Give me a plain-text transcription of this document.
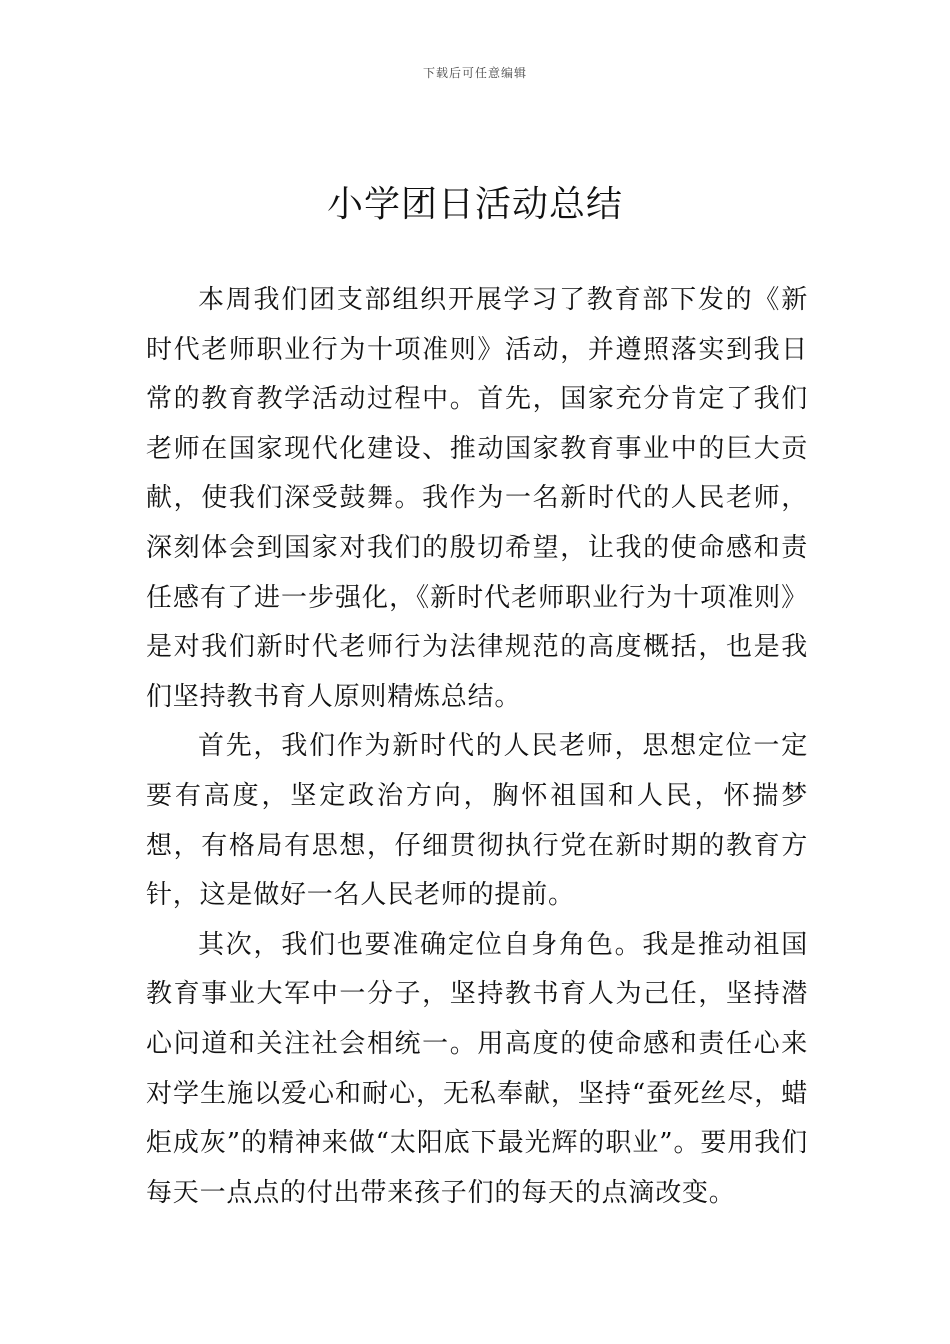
下载后可任意编辑
小学团日活动总结

本周我们团支部组织开展学习了教育部下发的《新时代老师职业行为十项准则》活动，并遵照落实到我日常的教育教学活动过程中。首先，国家充分肯定了我们老师在国家现代化建设、推动国家教育事业中的巨大贡献，使我们深受鼓舞。我作为一名新时代的人民老师，深刻体会到国家对我们的殷切希望，让我的使命感和责任感有了进一步强化，《新时代老师职业行为十项准则》是对我们新时代老师行为法律规范的高度概括，也是我们坚持教书育人原则精炼总结。

首先，我们作为新时代的人民老师，思想定位一定要有高度，坚定政治方向，胸怀祖国和人民，怀揣梦想，有格局有思想，仔细贯彻执行党在新时期的教育方针，这是做好一名人民老师的提前。

其次，我们也要准确定位自身角色。我是推动祖国教育事业大军中一分子，坚持教书育人为己任，坚持潜心问道和关注社会相统一。用高度的使命感和责任心来对学生施以爱心和耐心，无私奉献，坚持“蚕死丝尽，蜡炬成灰”的精神来做“太阳底下最光辉的职业”。要用我们每天一点点的付出带来孩子们的每天的点滴改变。
